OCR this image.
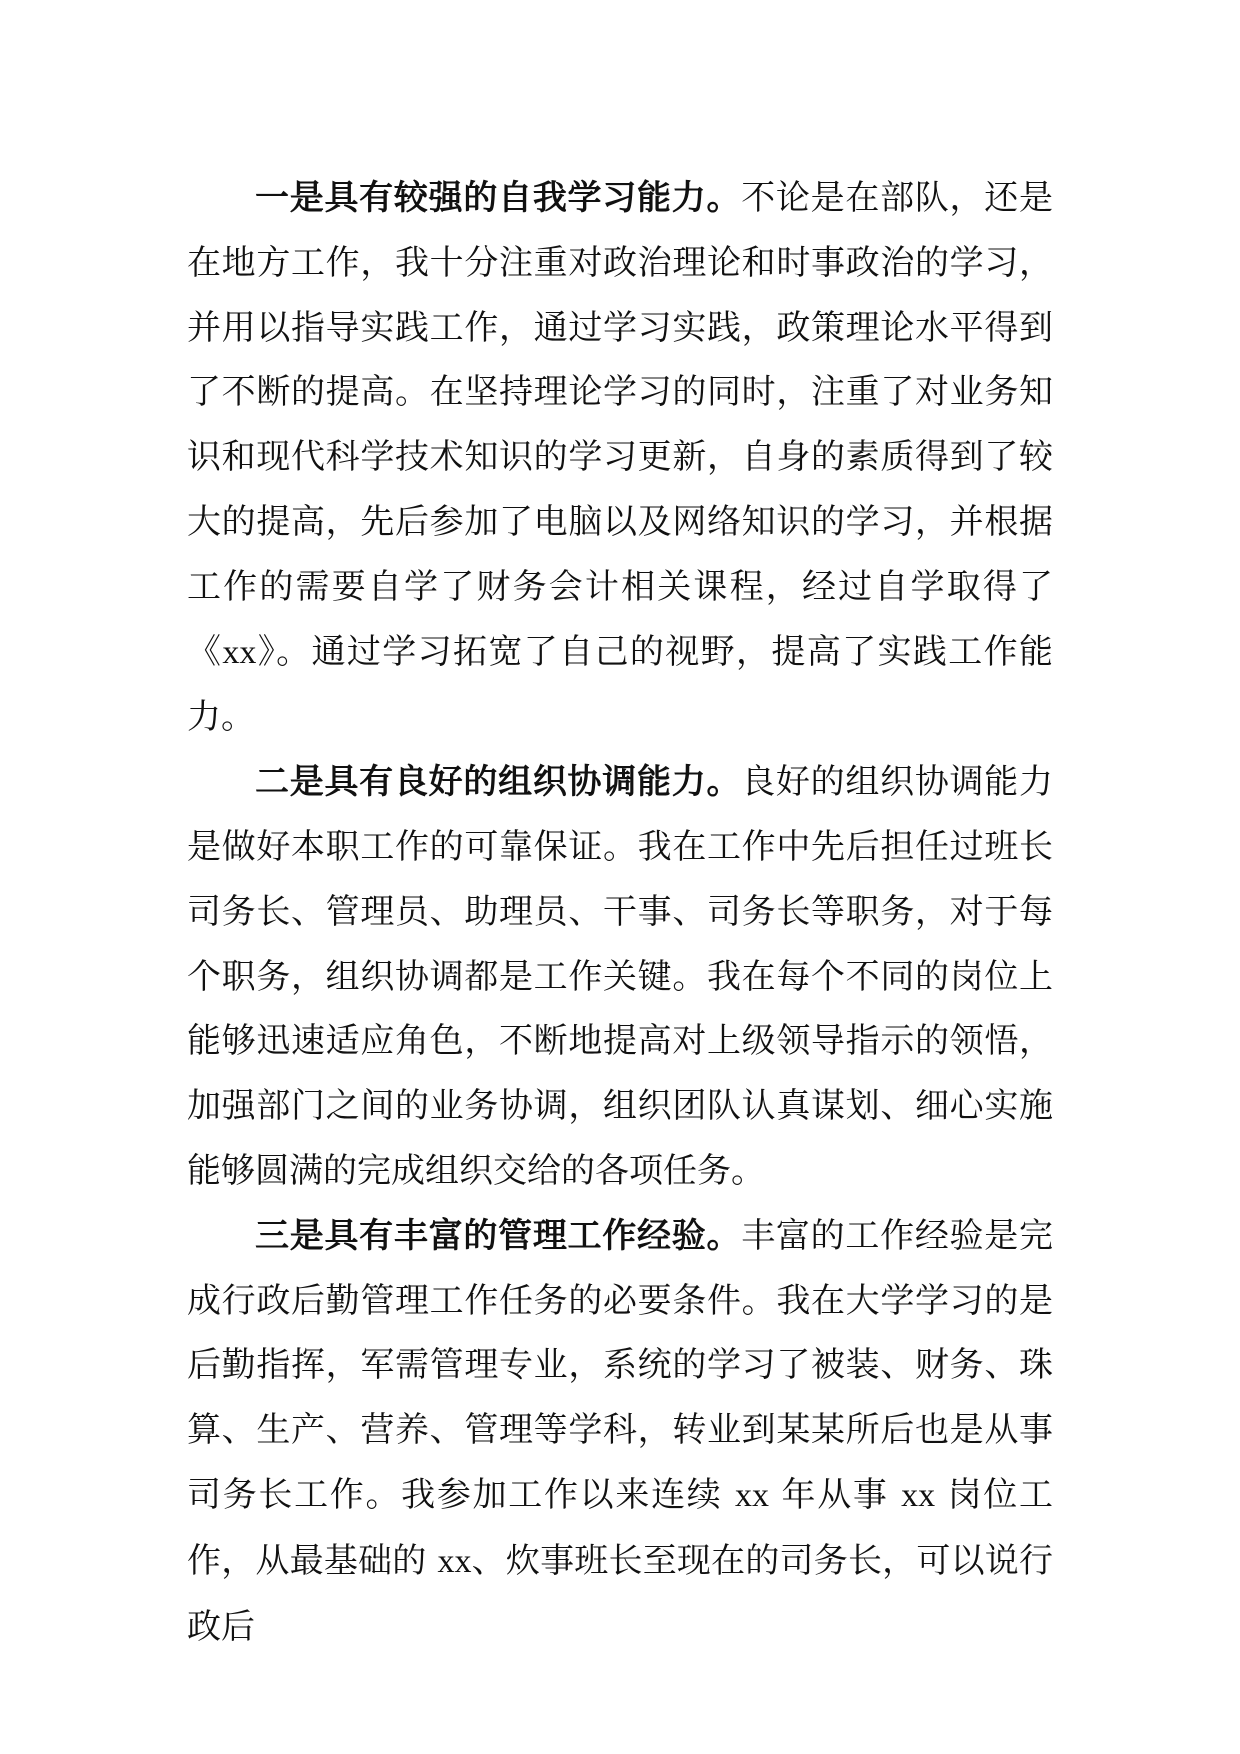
一是具有较强的自我学习能力。不论是在部队，还是在地方工作，我十分注重对政治理论和时事政治的学习，并用以指导实践工作，通过学习实践，政策理论水平得到了不断的提高。在坚持理论学习的同时，注重了对业务知识和现代科学技术知识的学习更新，自身的素质得到了较大的提高，先后参加了电脑以及网络知识的学习，并根据工作的需要自学了财务会计相关课程，经过自学取得了《xx》。通过学习拓宽了自己的视野，提高了实践工作能力。

二是具有良好的组织协调能力。良好的组织协调能力是做好本职工作的可靠保证。我在工作中先后担任过班长司务长、管理员、助理员、干事、司务长等职务，对于每个职务，组织协调都是工作关键。我在每个不同的岗位上能够迅速适应角色，不断地提高对上级领导指示的领悟，加强部门之间的业务协调，组织团队认真谋划、细心实施能够圆满的完成组织交给的各项任务。

三是具有丰富的管理工作经验。丰富的工作经验是完成行政后勤管理工作任务的必要条件。我在大学学习的是后勤指挥，军需管理专业，系统的学习了被装、财务、珠算、生产、营养、管理等学科，转业到某某所后也是从事司务长工作。我参加工作以来连续 xx 年从事 xx 岗位工作，从最基础的 xx、炊事班长至现在的司务长，可以说行政后
